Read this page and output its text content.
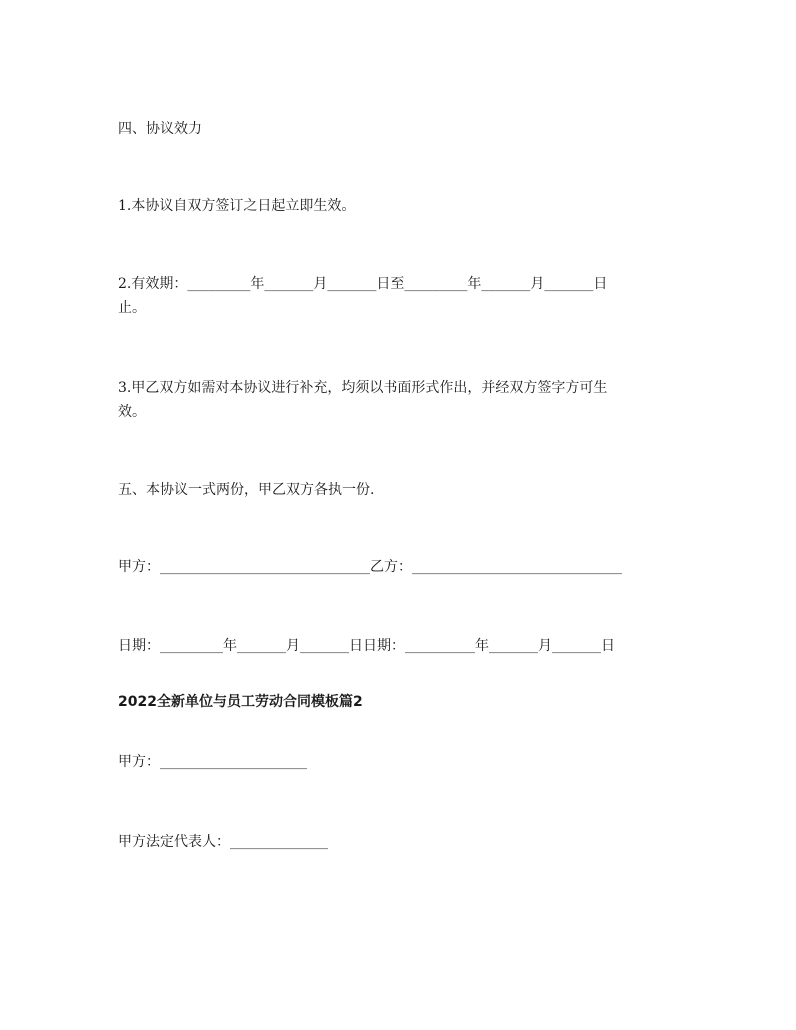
四、协议效力
1.本协议自双方签订之日起立即生效。
2.有效期：_________年_______月_______日至_________年_______月_______日
止。
3.甲乙双方如需对本协议进行补充，均须以书面形式作出，并经双方签字方可生
效。
五、本协议一式两份，甲乙双方各执一份.
甲方：______________________________乙方：______________________________
日期：_________年_______月_______日日期：__________年_______月_______日
2022全新单位与员工劳动合同模板篇2
甲方：_____________________
甲方法定代表人：______________
